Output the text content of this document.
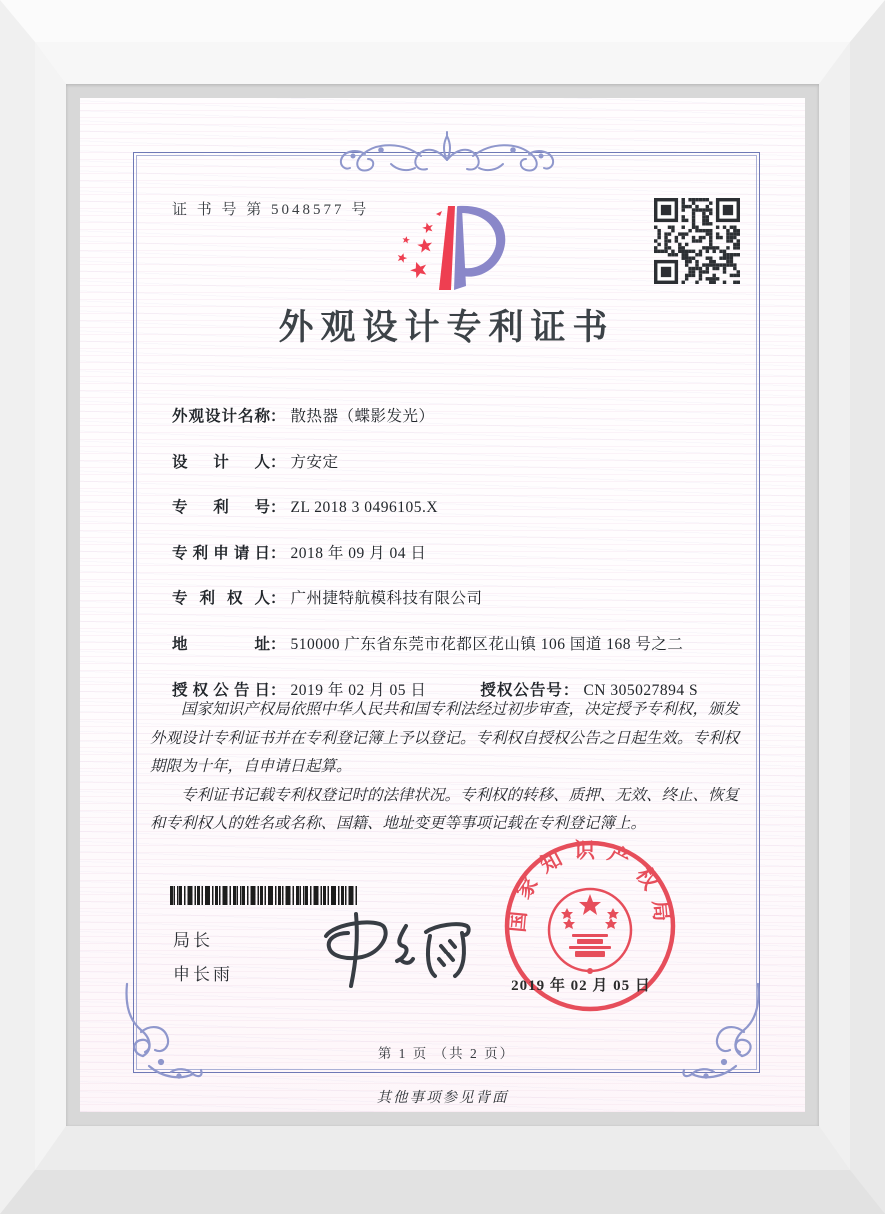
证 书 号 第 5048577 号
外观设计专利证书
外观设计名称： 散热器（蝶影发光）
设计人： 方安定
专利号： ZL 2018 3 0496105.X
专利申请日： 2018 年 09 月 04 日
专利权人： 广州捷特航模科技有限公司
地址： 510000 广东省东莞市花都区花山镇 106 国道 168 号之二
授权公告日： 2019 年 02 月 05 日	授权公告号： CN 305027894 S

国家知识产权局依照中华人民共和国专利法经过初步审查，决定授予专利权，颁发外观设计专利证书并在专利登记簿上予以登记。专利权自授权公告之日起生效。专利权期限为十年，自申请日起算。

专利证书记载专利权登记时的法律状况。专利权的转移、质押、无效、终止、恢复和专利权人的姓名或名称、国籍、地址变更等事项记载在专利登记簿上。

局长
申长雨
国家知识产权局
2019 年 02 月 05 日
第 1 页 （共 2 页）
其他事项参见背面
